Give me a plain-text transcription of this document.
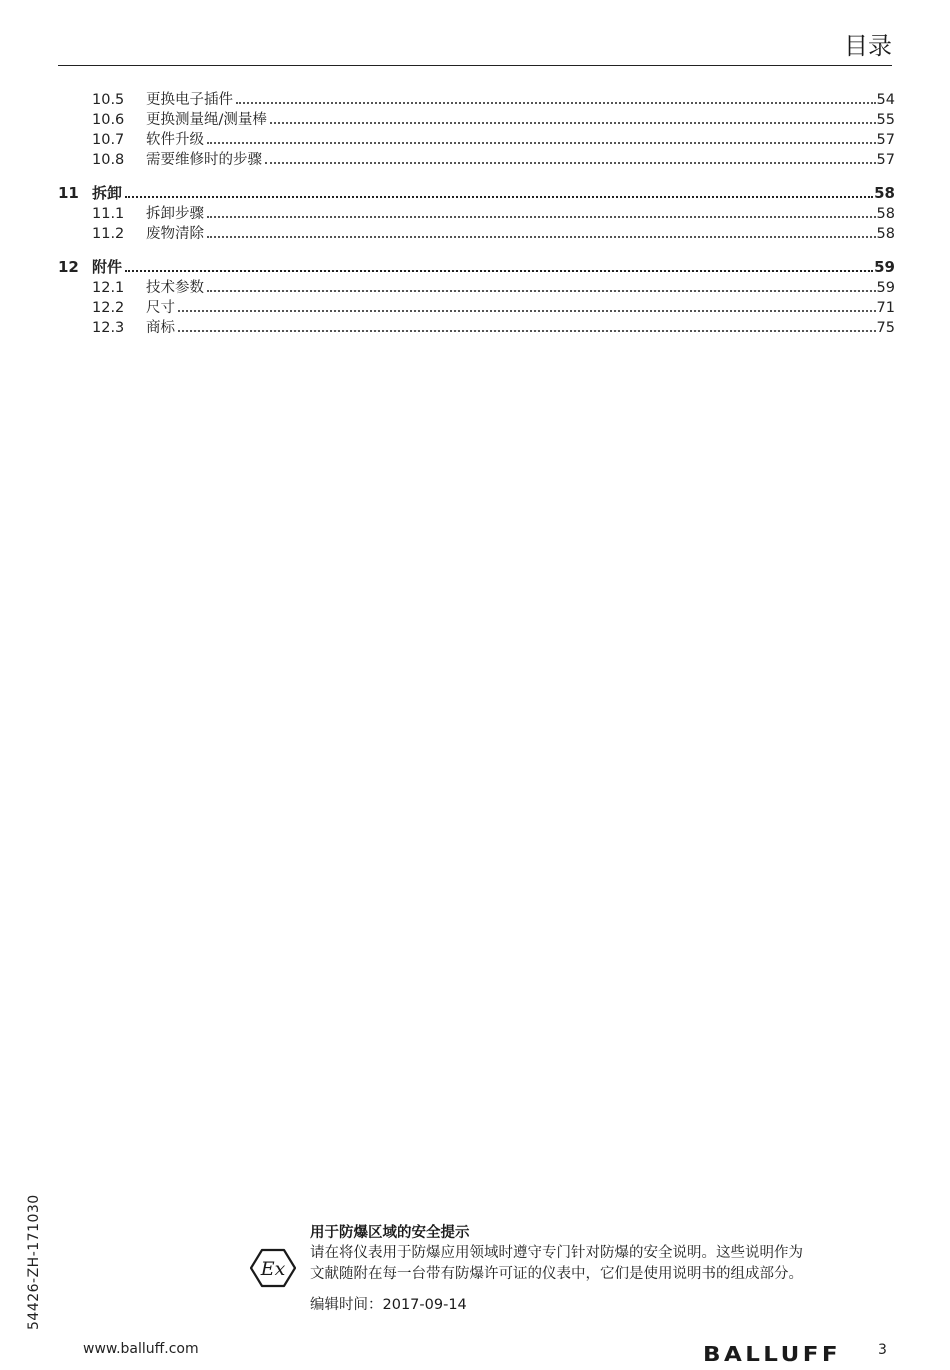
目录
10.5	更换电子插件	54
10.6	更换测量绳/测量棒	55
10.7	软件升级	57
10.8	需要维修时的步骤	57
11 拆卸	58
11.1	拆卸步骤	58
11.2	废物清除	58
12 附件	59
12.1	技术参数	59
12.2	尺寸	71
12.3	商标	75
54426-ZH-171030	Ex
用于防爆区域的安全提示
请在将仪表用于防爆应用领域时遵守专门针对防爆的安全说明。这些说明作为
文献随附在每一台带有防爆许可证的仪表中，它们是使用说明书的组成部分。
编辑时间：2017-09-14
www.balluff.com	BALLUFF	3
